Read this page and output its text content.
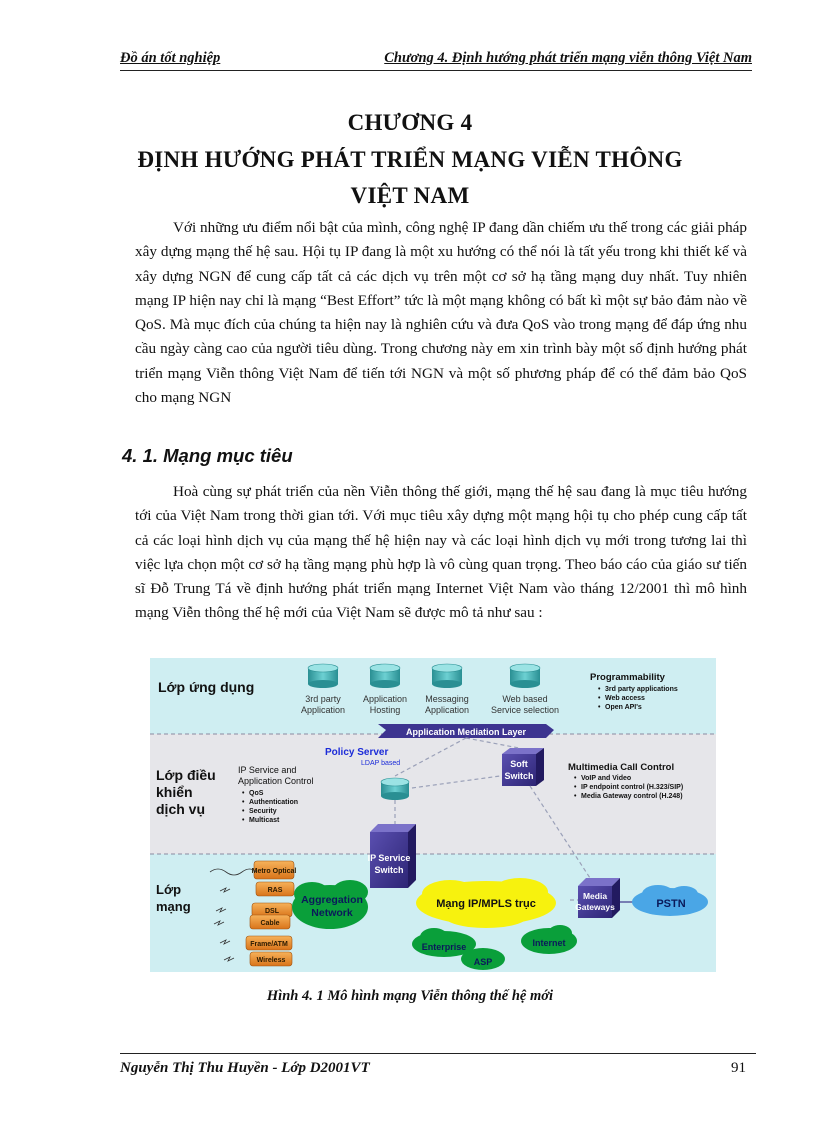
Đồ án tốt nghiệp	Chương 4. Định hướng phát triển mạng viễn thông Việt Nam
CHƯƠNG 4
ĐỊNH HƯỚNG PHÁT TRIỂN MẠNG VIỄN THÔNG
VIỆT NAM

Với những ưu điểm nổi bật của mình, công nghệ IP đang dần chiếm ưu thế trong các giải pháp xây dựng mạng thế hệ sau. Hội tụ IP đang là một xu hướng có thể nói là tất yếu trong khi thiết kế và xây dựng NGN để cung cấp tất cả các dịch vụ trên một cơ sở hạ tầng mạng duy nhất. Tuy nhiên mạng IP hiện nay chỉ là mạng “Best Effort” tức là một mạng không có bất kì một sự bảo đảm nào về QoS. Mà mục đích của chúng ta hiện nay là nghiên cứu và đưa QoS vào trong mạng để đáp ứng nhu cầu ngày càng cao của người tiêu dùng. Trong chương này em xin trình bày một số định hướng phát triển mạng Viễn thông Việt Nam để tiến tới NGN và một số phương pháp để có thể đảm bảo QoS cho mạng NGN

4. 1. Mạng mục tiêu

Hoà cùng sự phát triển của nền Viễn thông thế giới, mạng thế hệ sau đang là mục tiêu hướng tới của Việt Nam trong thời gian tới. Với mục tiêu xây dựng một mạng hội tụ cho phép cung cấp tất cả các loại hình dịch vụ của mạng thế hệ hiện nay và các loại hình dịch vụ mới trong tương lai thì việc lựa chọn một cơ sở hạ tầng mạng phù hợp là vô cùng quan trọng. Theo báo cáo của giáo sư tiến sĩ Đỗ Trung Tá về định hướng phát triển mạng Internet Việt Nam vào tháng 12/2001 thì mô hình mạng Viễn thông thế hệ mới của Việt Nam sẽ được mô tả như sau :

Lớp ứng dụng
Lớp điều
khiển
dịch vụ
Lớp
mạng
3rd party
Application
Application
Hosting
Messaging
Application
Web based
Service selection
Programmability
• 3rd party applications
• Web access
• Open API's
Application Mediation Layer
Policy Server
LDAP based
IP Service and
Application Control
• QoS
• Authentication
• Security
• Multicast
Soft
Switch
Multimedia Call Control
• VoIP and Video
• IP endpoint control (H.323/SIP)
• Media Gateway control (H.248)
IP Service
Switch
Metro Optical
RAS
DSL
Cable
Frame/ATM
Wireless
Aggregation
Network
Enterprise
ASP
Internet
Mạng IP/MPLS trục
Media
Gateways	PSTN
Hình 4. 1 Mô hình mạng Viễn thông thế hệ mới
Nguyễn Thị Thu Huyền - Lớp D2001VT	91
